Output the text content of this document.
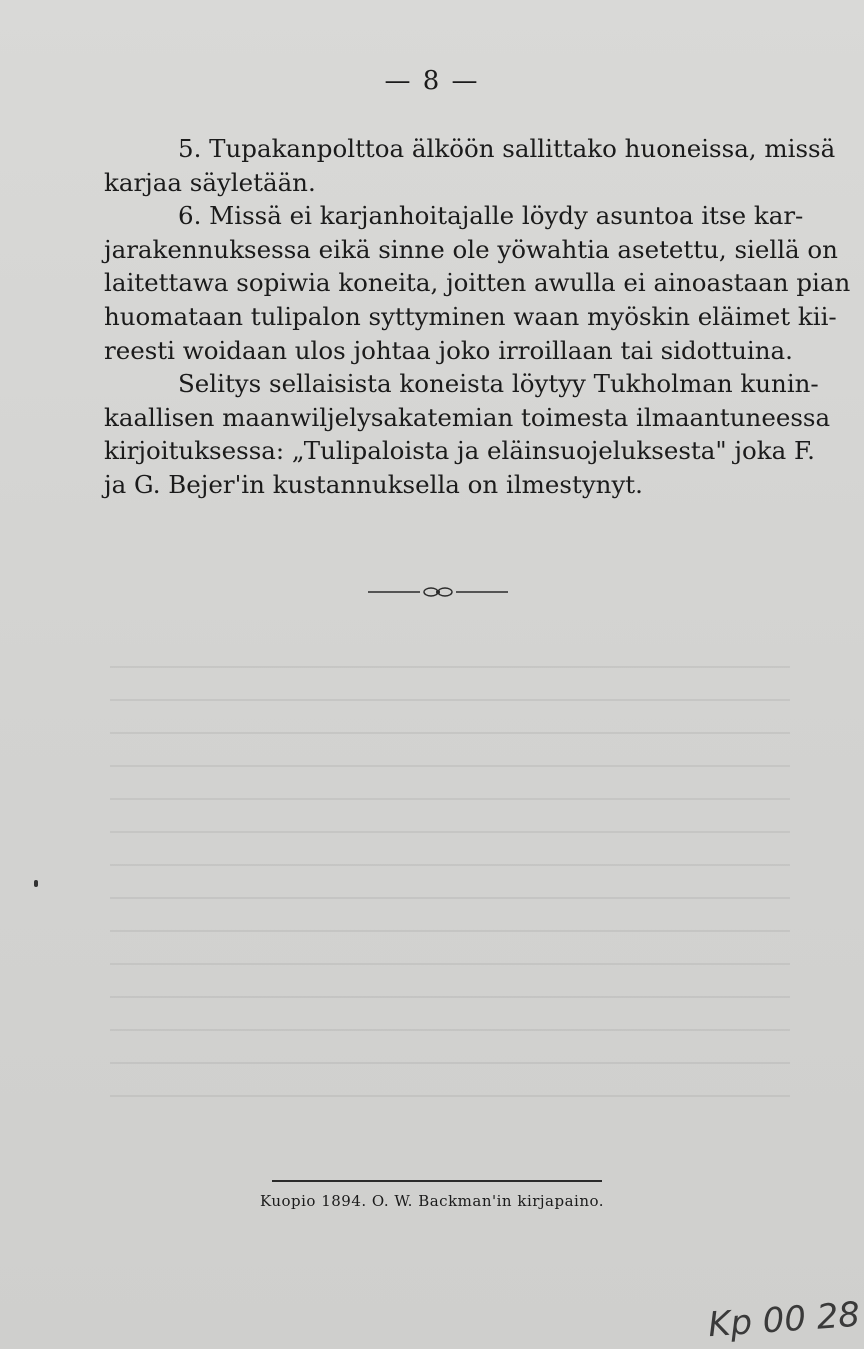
— 8 —
5. Tupakanpolttoa älköön sallittako huoneissa, missä
karjaa säyletään.
6. Missä ei karjanhoitajalle löydy asuntoa itse kar-
jarakennuksessa eikä sinne ole yöwahtia asetettu, siellä on
laitettawa sopiwia koneita, joitten awulla ei ainoastaan pian
huomataan tulipalon syttyminen waan myöskin eläimet kii-
reesti woidaan ulos johtaa joko irroillaan tai sidottuina.
Selitys sellaisista koneista löytyy Tukholman kunin-
kaallisen maanwiljelysakatemian toimesta ilmaantuneessa
kirjoituksessa: „Tulipaloista ja eläinsuojeluksesta" joka F.
ja G. Bejer'in kustannuksella on ilmestynyt.
Kuopio 1894. O. W. Backman'in kirjapaino.
Kp 00 28
